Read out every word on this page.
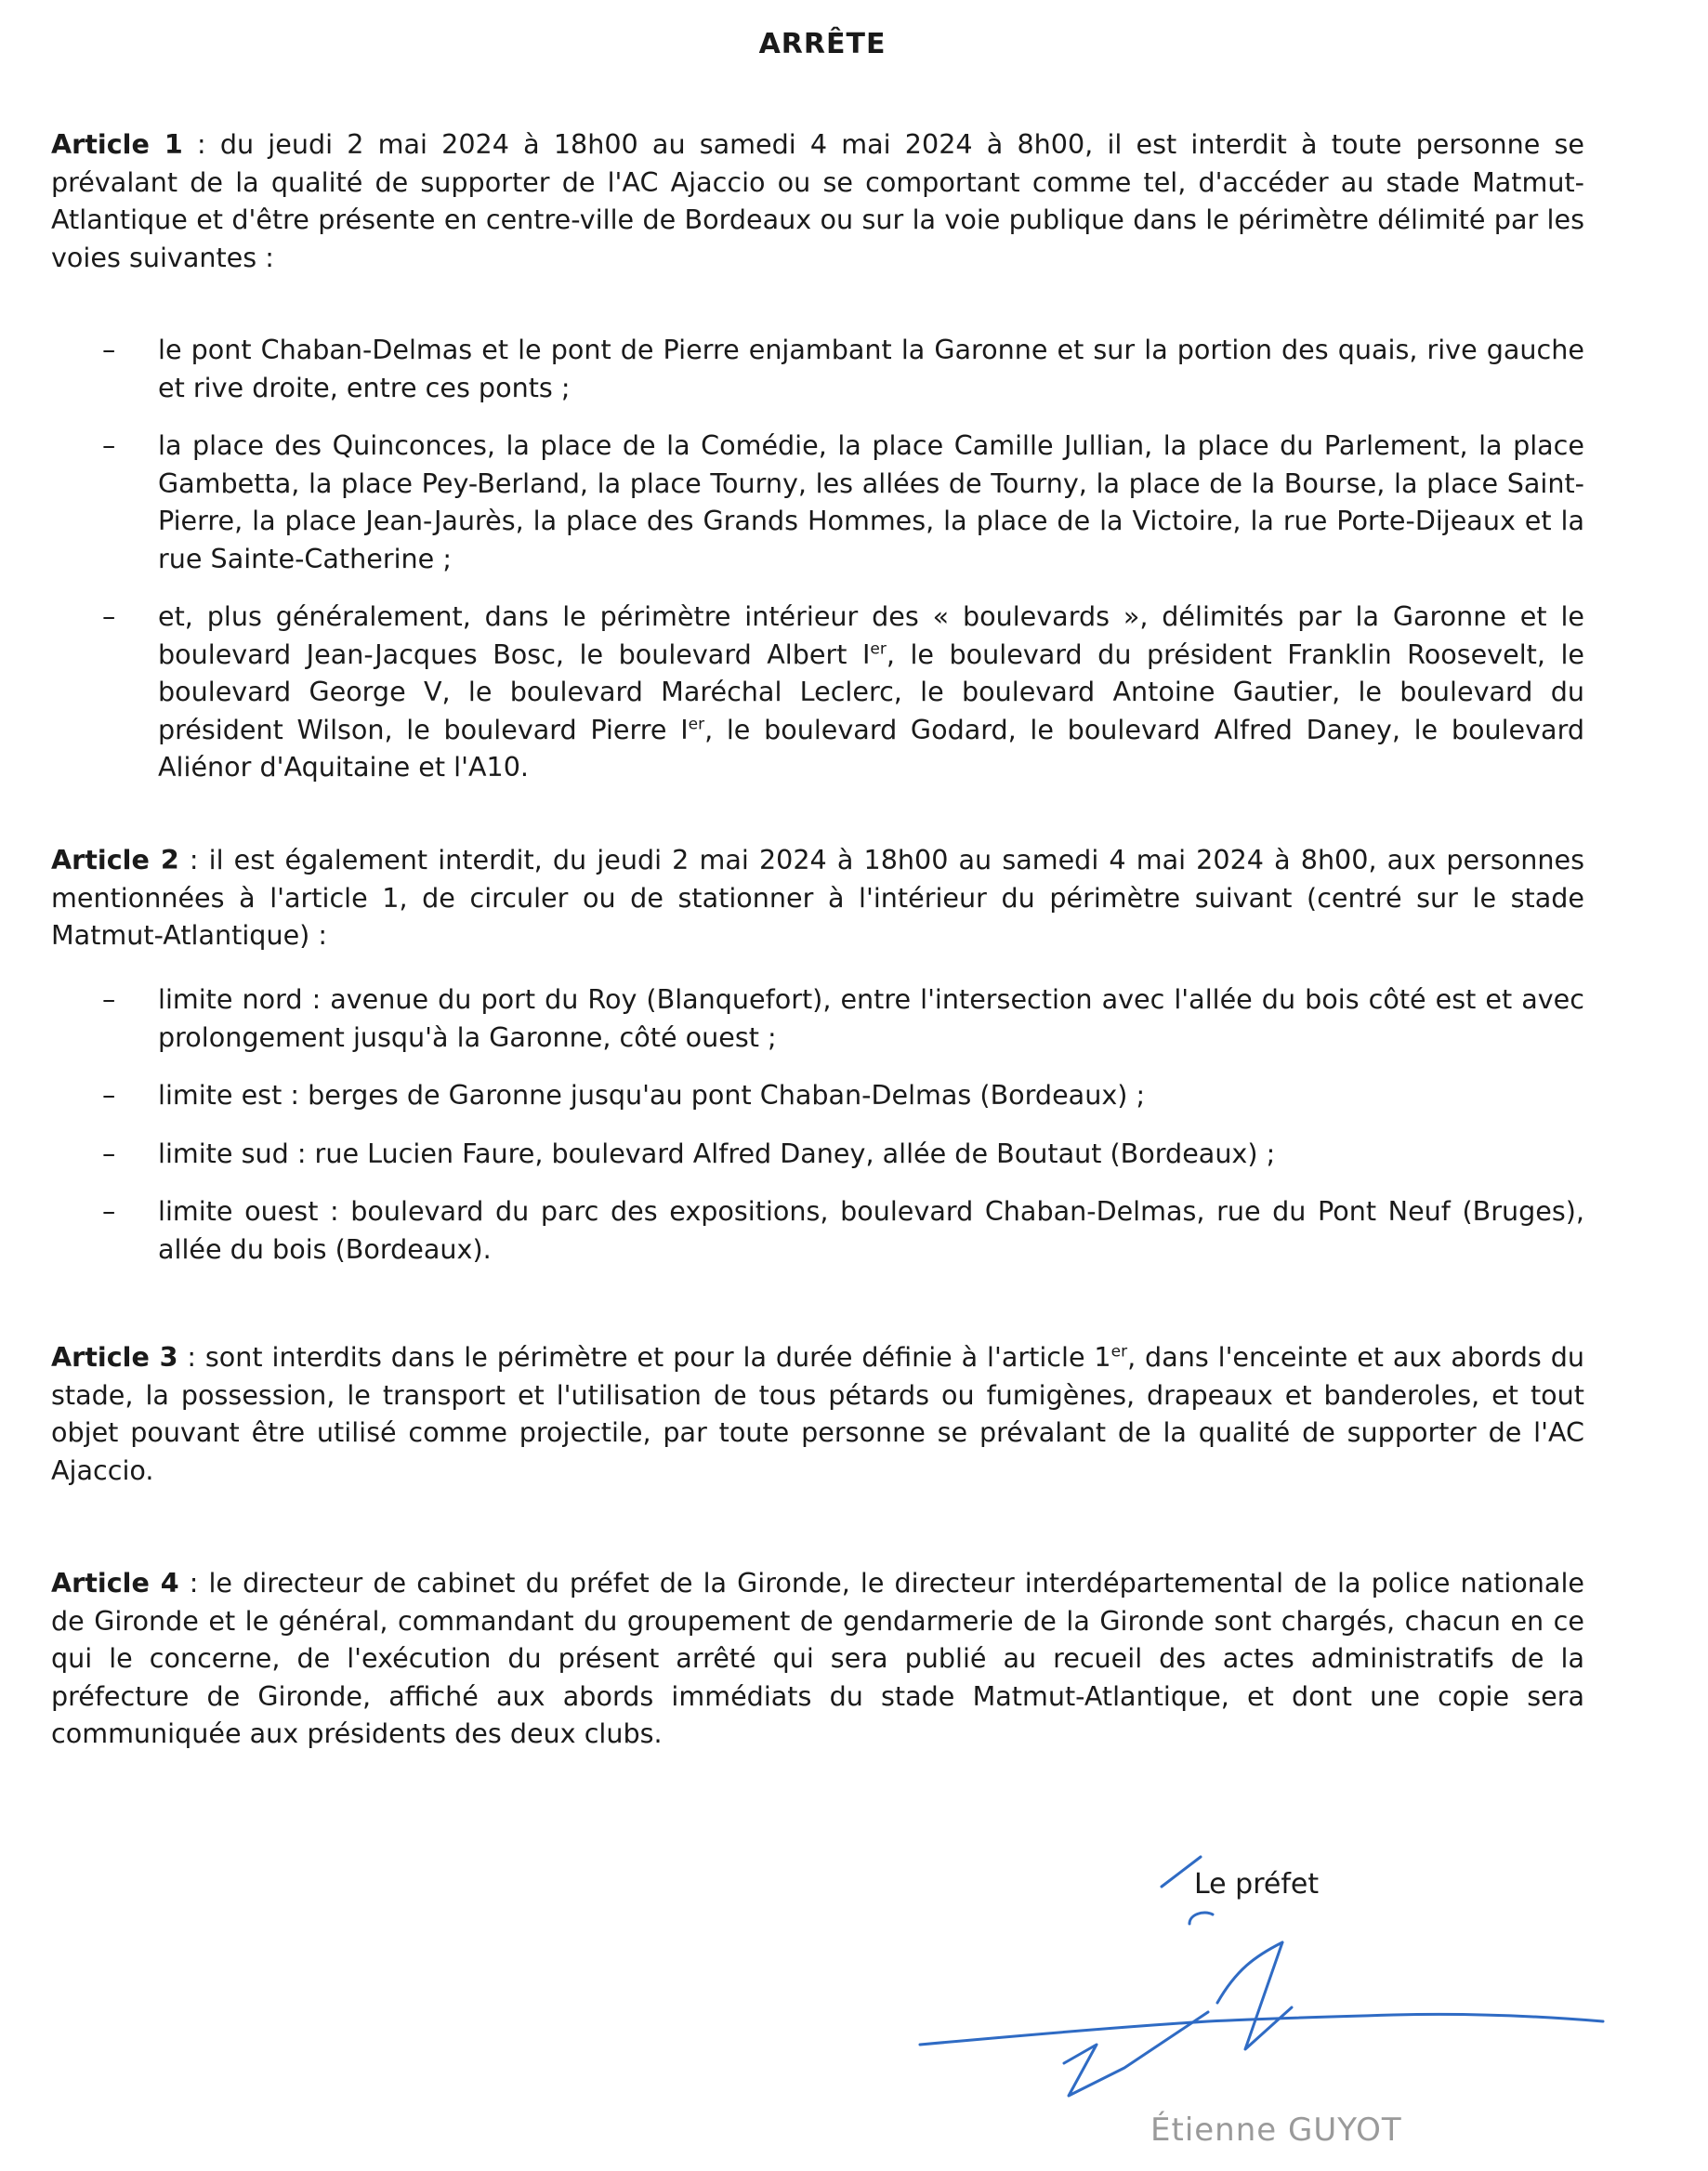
ARRÊTE
Article 1 : du jeudi 2 mai 2024 à 18h00 au samedi 4 mai 2024 à 8h00, il est interdit à toute personne se prévalant de la qualité de supporter de l'AC Ajaccio ou se comportant comme tel, d'accéder au stade Matmut-Atlantique et d'être présente en centre-ville de Bordeaux ou sur la voie publique dans le périmètre délimité par les voies suivantes :
– le pont Chaban-Delmas et le pont de Pierre enjambant la Garonne et sur la portion des quais, rive gauche et rive droite, entre ces ponts ;
– la place des Quinconces, la place de la Comédie, la place Camille Jullian, la place du Parlement, la place Gambetta, la place Pey-Berland, la place Tourny, les allées de Tourny, la place de la Bourse, la place Saint-Pierre, la place Jean-Jaurès, la place des Grands Hommes, la place de la Victoire, la rue Porte-Dijeaux et la rue Sainte-Catherine ;
– et, plus généralement, dans le périmètre intérieur des « boulevards », délimités par la Garonne et le boulevard Jean-Jacques Bosc, le boulevard Albert Ier, le boulevard du président Franklin Roosevelt, le boulevard George V, le boulevard Maréchal Leclerc, le boulevard Antoine Gautier, le boulevard du président Wilson, le boulevard Pierre Ier, le boulevard Godard, le boulevard Alfred Daney, le boulevard Aliénor d'Aquitaine et l'A10.
Article 2 : il est également interdit, du jeudi 2 mai 2024 à 18h00 au samedi 4 mai 2024 à 8h00, aux personnes mentionnées à l'article 1, de circuler ou de stationner à l'intérieur du périmètre suivant (centré sur le stade Matmut-Atlantique) :
– limite nord : avenue du port du Roy (Blanquefort), entre l'intersection avec l'allée du bois côté est et avec prolongement jusqu'à la Garonne, côté ouest ;
– limite est : berges de Garonne jusqu'au pont Chaban-Delmas (Bordeaux) ;
– limite sud : rue Lucien Faure, boulevard Alfred Daney, allée de Boutaut (Bordeaux) ;
– limite ouest : boulevard du parc des expositions, boulevard Chaban-Delmas, rue du Pont Neuf (Bruges), allée du bois (Bordeaux).
Article 3 : sont interdits dans le périmètre et pour la durée définie à l'article 1er, dans l'enceinte et aux abords du stade, la possession, le transport et l'utilisation de tous pétards ou fumigènes, drapeaux et banderoles, et tout objet pouvant être utilisé comme projectile, par toute personne se prévalant de la qualité de supporter de l'AC Ajaccio.
Article 4 : le directeur de cabinet du préfet de la Gironde, le directeur interdépartemental de la police nationale de Gironde et le général, commandant du groupement de gendarmerie de la Gironde sont chargés, chacun en ce qui le concerne, de l'exécution du présent arrêté qui sera publié au recueil des actes administratifs de la préfecture de Gironde, affiché aux abords immédiats du stade Matmut-Atlantique, et dont une copie sera communiquée aux présidents des deux clubs.
Le préfet
Étienne GUYOT
